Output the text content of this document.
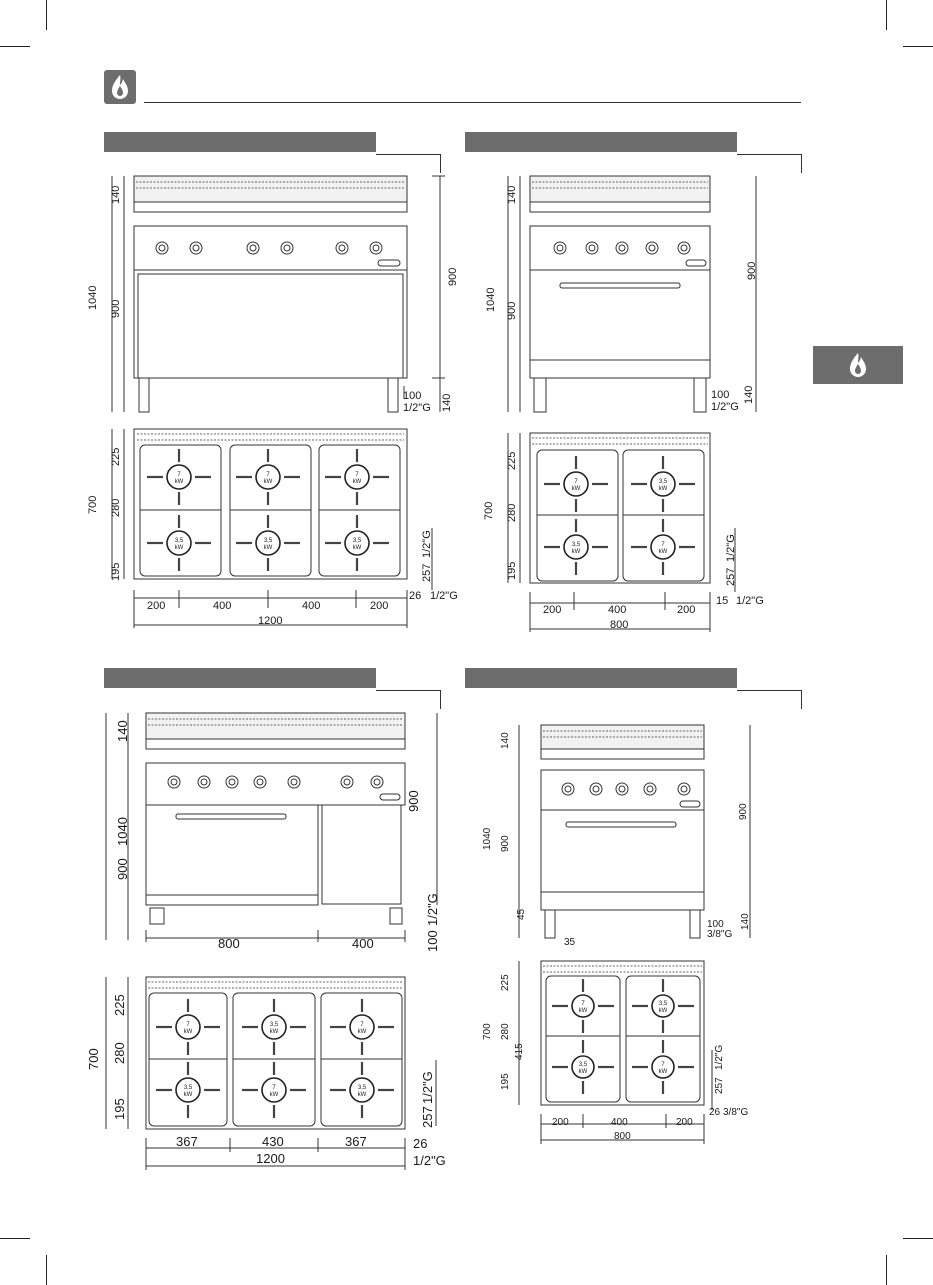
7
kW
7
kW
7
kW
3,5
kW
3,5
kW
3,5
kW
7
kW
3,5
kW
3,5
kW
7
kW
7
kW
3,5
kW
7
kW
3,5
kW
7
kW
3,5
kW
7
kW
3,5
kW
3,5
kW
7
kW
1040
140
900
900
140
100
1/2"G
700
225
280
195	257
1/2"G
26 1/2"G
200	400	400	200
1200
1040
140
900
900
140
100
1/2"G
700
225
280
195	257
1/2"G
15 1/2"G
200	400	200
800
1040
140
900
900
100
1/2"G
800	400
700
225
280
195	257
1/2"G
26
1/2"G
367	430	367
1200
1040
140
900
900
140
100
3/8"G
45
35
700
225
280
195
415
257
1/2"G
26 3/8"G
200	400	200
800
